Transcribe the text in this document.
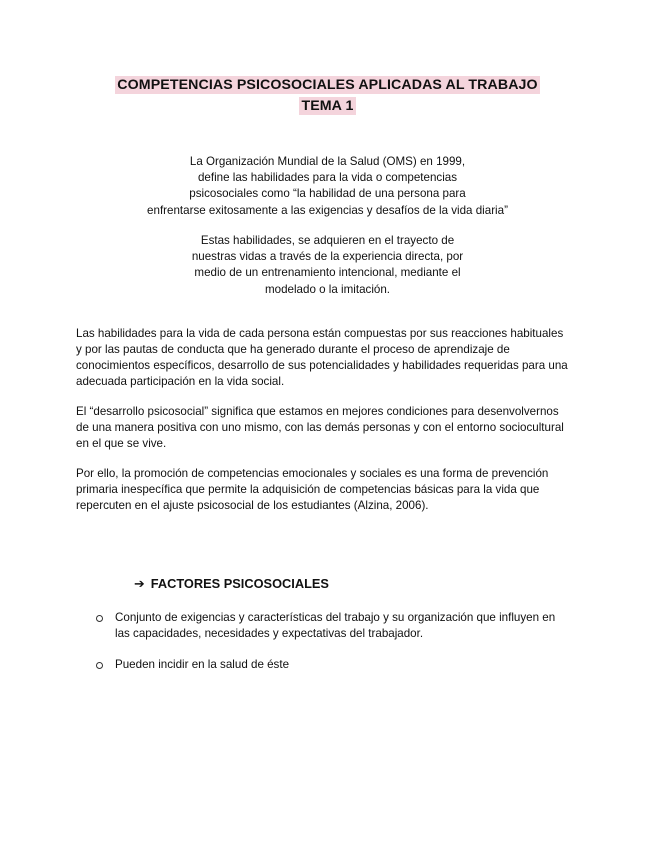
COMPETENCIAS PSICOSOCIALES APLICADAS AL TRABAJO
TEMA 1
La Organización Mundial de la Salud (OMS) en 1999,
define las habilidades para la vida o competencias
psicosociales como “la habilidad de una persona para
enfrentarse exitosamente a las exigencias y desafíos de la vida diaria”
Estas habilidades, se adquieren en el trayecto de
nuestras vidas a través de la experiencia directa, por
medio de un entrenamiento intencional, mediante el
modelado o la imitación.
Las habilidades para la vida de cada persona están compuestas por sus reacciones habituales
y por las pautas de conducta que ha generado durante el proceso de aprendizaje de
conocimientos específicos, desarrollo de sus potencialidades y habilidades requeridas para una
adecuada participación en la vida social.
El “desarrollo psicosocial” significa que estamos en mejores condiciones para desenvolvernos
de una manera positiva con uno mismo, con las demás personas y con el entorno sociocultural
en el que se vive.
Por ello, la promoción de competencias emocionales y sociales es una forma de prevención
primaria inespecífica que permite la adquisición de competencias básicas para la vida que
repercuten en el ajuste psicosocial de los estudiantes (Alzina, 2006).
➔ FACTORES PSICOSOCIALES
Conjunto de exigencias y características del trabajo y su organización que influyen en
las capacidades, necesidades y expectativas del trabajador.
Pueden incidir en la salud de éste
